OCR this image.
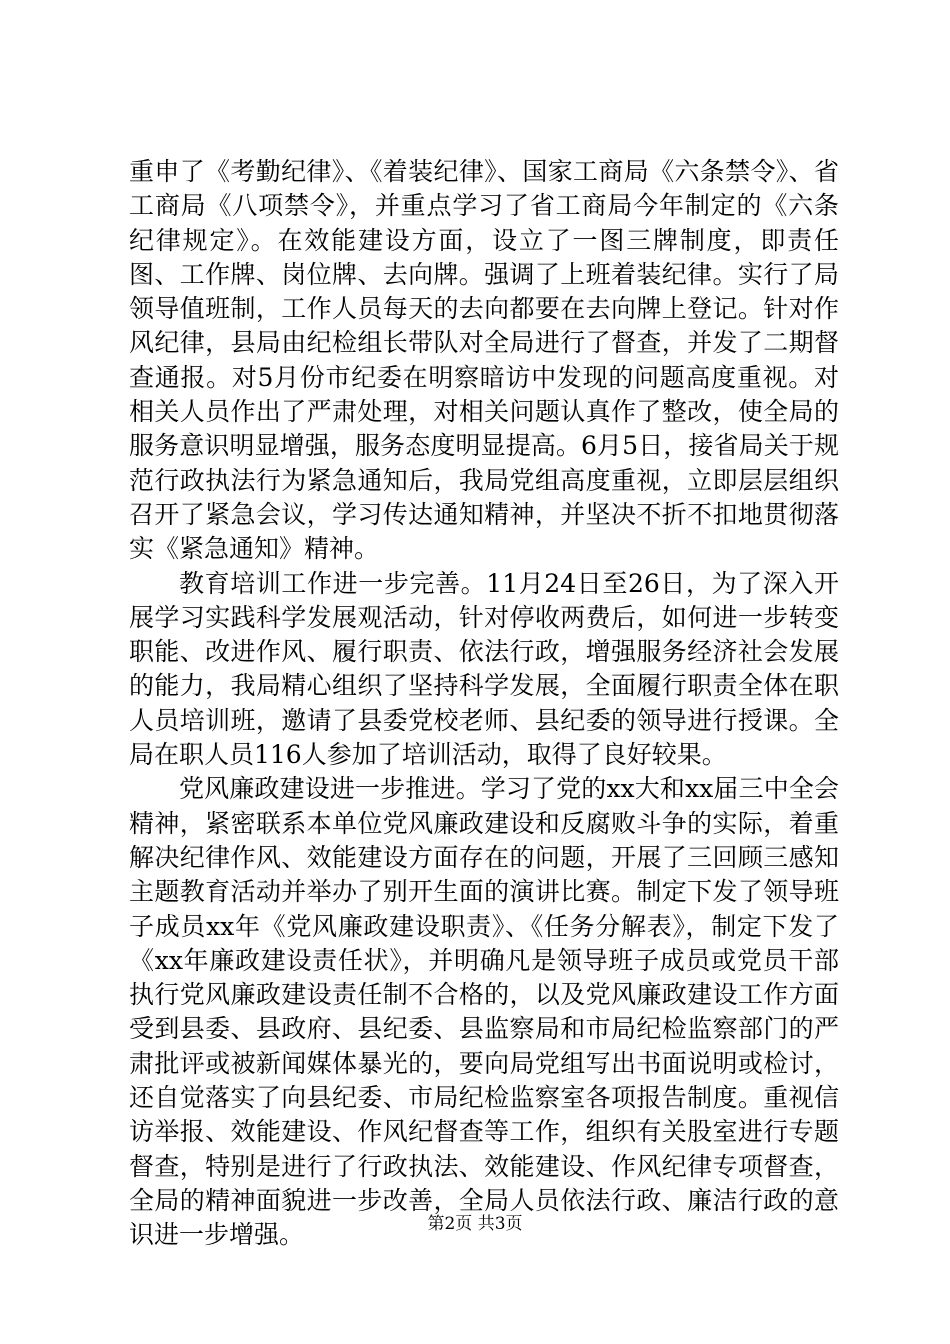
重申了《考勤纪律》、《着装纪律》、国家工商局《六条禁令》、省工商局《八项禁令》，并重点学习了省工商局今年制定的《六条纪律规定》。在效能建设方面，设立了一图三牌制度，即责任图、工作牌、岗位牌、去向牌。强调了上班着装纪律。实行了局领导值班制，工作人员每天的去向都要在去向牌上登记。针对作风纪律，县局由纪检组长带队对全局进行了督查，并发了二期督查通报。对5月份市纪委在明察暗访中发现的问题高度重视。对相关人员作出了严肃处理，对相关问题认真作了整改，使全局的服务意识明显增强，服务态度明显提高。6月5日，接省局关于规范行政执法行为紧急通知后，我局党组高度重视，立即层层组织召开了紧急会议，学习传达通知精神，并坚决不折不扣地贯彻落实《紧急通知》精神。

教育培训工作进一步完善。11月24日至26日，为了深入开展学习实践科学发展观活动，针对停收两费后，如何进一步转变职能、改进作风、履行职责、依法行政，增强服务经济社会发展的能力，我局精心组织了坚持科学发展，全面履行职责全体在职人员培训班，邀请了县委党校老师、县纪委的领导进行授课。全局在职人员116人参加了培训活动，取得了良好较果。

党风廉政建设进一步推进。学习了党的xx大和xx届三中全会精神，紧密联系本单位党风廉政建设和反腐败斗争的实际，着重解决纪律作风、效能建设方面存在的问题，开展了三回顾三感知主题教育活动并举办了别开生面的演讲比赛。制定下发了领导班子成员xx年《党风廉政建设职责》、《任务分解表》，制定下发了《xx年廉政建设责任状》，并明确凡是领导班子成员或党员干部执行党风廉政建设责任制不合格的，以及党风廉政建设工作方面受到县委、县政府、县纪委、县监察局和市局纪检监察部门的严肃批评或被新闻媒体暴光的，要向局党组写出书面说明或检讨，还自觉落实了向县纪委、市局纪检监察室各项报告制度。重视信访举报、效能建设、作风纪督查等工作，组织有关股室进行专题督查，特别是进行了行政执法、效能建设、作风纪律专项督查，全局的精神面貌进一步改善，全局人员依法行政、廉洁行政的意识进一步增强。	第2页 共3页
